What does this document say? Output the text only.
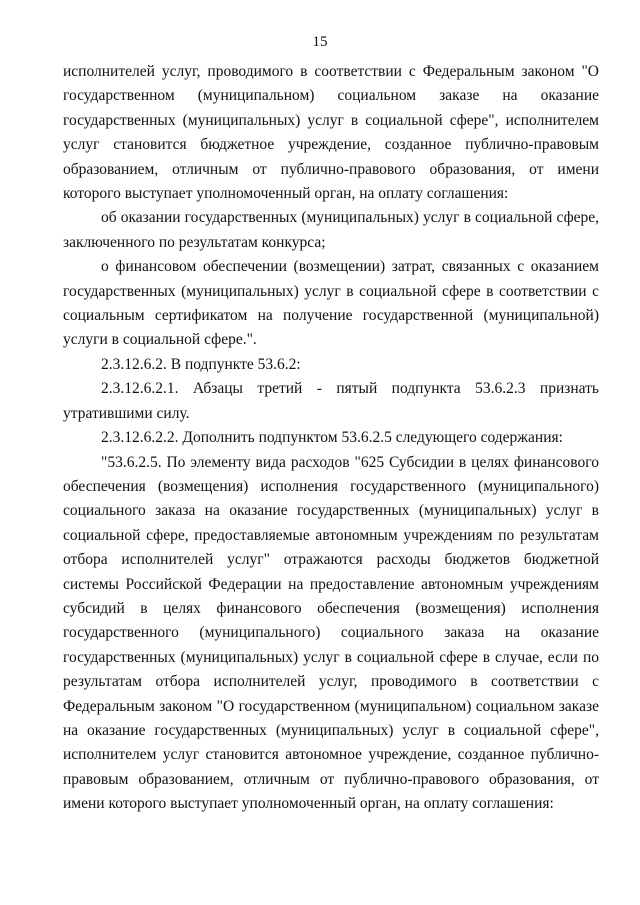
15

исполнителей услуг, проводимого в соответствии с Федеральным законом "О государственном (муниципальном) социальном заказе на оказание государственных (муниципальных) услуг в социальной сфере", исполнителем услуг становится бюджетное учреждение, созданное публично-правовым образованием, отличным от публично-правового образования, от имени которого выступает уполномоченный орган, на оплату соглашения:

об оказании государственных (муниципальных) услуг в социальной сфере, заключенного по результатам конкурса;

о финансовом обеспечении (возмещении) затрат, связанных с оказанием государственных (муниципальных) услуг в социальной сфере в соответствии с социальным сертификатом на получение государственной (муниципальной) услуги в социальной сфере.".

2.3.12.6.2. В подпункте 53.6.2:

2.3.12.6.2.1. Абзацы третий - пятый подпункта 53.6.2.3 признать утратившими силу.

2.3.12.6.2.2. Дополнить подпунктом 53.6.2.5 следующего содержания:

"53.6.2.5. По элементу вида расходов "625 Субсидии в целях финансового обеспечения (возмещения) исполнения государственного (муниципального) социального заказа на оказание государственных (муниципальных) услуг в социальной сфере, предоставляемые автономным учреждениям по результатам отбора исполнителей услуг" отражаются расходы бюджетов бюджетной системы Российской Федерации на предоставление автономным учреждениям субсидий в целях финансового обеспечения (возмещения) исполнения государственного (муниципального) социального заказа на оказание государственных (муниципальных) услуг в социальной сфере в случае, если по результатам отбора исполнителей услуг, проводимого в соответствии с Федеральным законом "О государственном (муниципальном) социальном заказе на оказание государственных (муниципальных) услуг в социальной сфере", исполнителем услуг становится автономное учреждение, созданное публично-правовым образованием, отличным от публично-правового образования, от имени которого выступает уполномоченный орган, на оплату соглашения:
